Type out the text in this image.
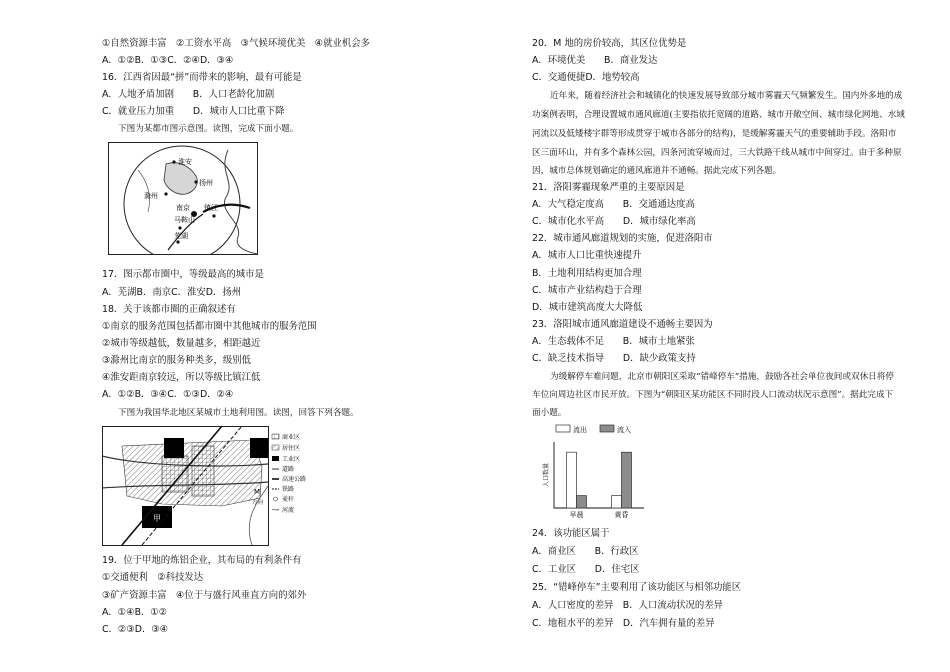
①自然资源丰富　②工资水平高　③气候环境优美　④就业机会多
A．①②B．①③C．②④D．③④
16．江西省因最“拼”而带来的影响，最有可能是
A．人地矛盾加剧　　B．人口老龄化加剧
C．就业压力加重　　D．城市人口比重下降
下图为某都市图示意图。读图，完成下面小题。
淮安
扬州
滁州
南京 镇江
马鞍山
芜湖
17．图示都市圈中，等级最高的城市是
A．芜湖B．南京C．淮安D．扬州
18．关于该都市圈的正确叙述有
①南京的服务范围包括都市圈中其他城市的服务范围
②城市等级越低，数量越多，相距越近
③滁州比南京的服务种类多，级别低
④淮安距南京较远，所以等级比镇江低
A．①②B．③④C．①③D．②④
下图为我国华北地区某城市土地利用图。读图，回答下列各题。
甲
M
方向
商业区
居住区
工业区
道路
高速公路
铁路
麦秆
河流
19．位于甲地的炼铝企业，其布局的有利条件有
①交通便利　②科技发达
③矿产资源丰富　④位于与盛行风垂直方向的郊外
A．①④B．①②
C．②③D．③④
20．M 地的房价较高，其区位优势是
A．环境优美　　B．商业发达
C．交通便捷D．地势较高
近年来，随着经济社会和城镇化的快速发展导致部分城市雾霾天气频繁发生。国内外多地的成
功案例表明，合理设置城市通风廊道(主要指依托宽阔的道路、城市开敞空间、城市绿化网地、水域
河流以及低矮楼宇群等形成贯穿于城市各部分的结构)，是缓解雾霾天气的重要辅助手段。洛阳市
区三面环山，并有多个森林公园，四条河流穿城而过，三大铁路干线从城市中间穿过。由于多种原
因，城市总体规划确定的通风廊道并不通畅。据此完成下列各题。
21．洛阳雾霾现象严重的主要原因是
A．大气稳定度高　　B．交通通达度高
C．城市化水平高　　D．城市绿化率高
22．城市通风廊道规划的实施，促进洛阳市
A．城市人口比重快速提升
B．土地利用结构更加合理
C．城市产业结构趋于合理
D．城市建筑高度大大降低
23．洛阳城市通风廊道建设不通畅主要因为
A．生态载体不足　　B．城市土地紧张
C．缺乏技术指导　　D．缺少政策支持
为缓解停车难问题，北京市朝阳区采取“错峰停车”措施，鼓励各社会单位夜间或双休日将停
车位向周边社区市民开放。下图为“朝阳区某功能区不同时段人口流动状况示意图”。据此完成下
面小题。
流出	流入
人口数量
早晨	黄昏
24．该功能区属于
A．商业区　　B．行政区
C．工业区　　D．住宅区
25．“错峰停车”主要利用了该功能区与相邻功能区
A．人口密度的差异　B．人口流动状况的差异
C．地租水平的差异　D．汽车拥有量的差异
